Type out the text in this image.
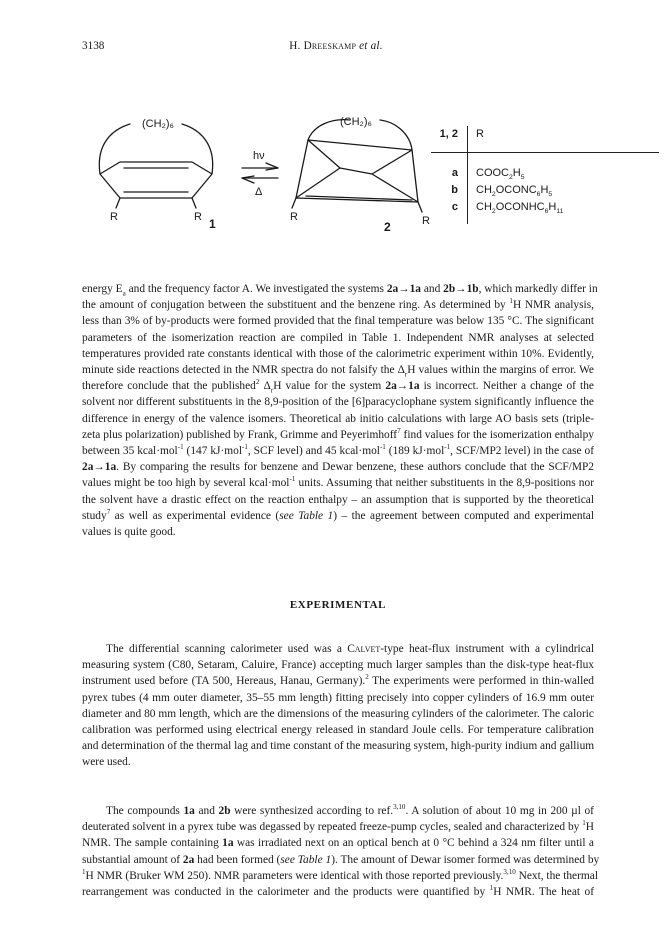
3138	H. Dreeskamp et al.
(CH₂)₆	(CH₂)₆
hν
Δ
R	R	R	R
1	2
1, 2 R
a $COOC_2H_5$
b $CH_2OCONC_6H_5$
c $CH_2OCONHC_6H_{11}$
energy $E_a$ and the frequency factor A. We investigated the systems 2a→1a and 2b→1b, which markedly differ in
the amount of conjugation between the substituent and the benzene ring. As determined by $^1$H NMR analysis,
less than 3% of by-products were formed provided that the final temperature was below 135 °C. The significant
parameters of the isomerization reaction are compiled in Table 1. Independent NMR analyses at selected
temperatures provided rate constants identical with those of the calorimetric experiment within 10%. Evidently,
minute side reactions detected in the NMR spectra do not falsify the $\Delta_rH$ values within the margins of error. We
therefore conclude that the published$^2$ $\Delta_rH$ value for the system 2a→1a is incorrect. Neither a change of the
solvent nor different substituents in the 8,9-position of the [6]paracyclophane system significantly influence the
difference in energy of the valence isomers. Theoretical ab initio calculations with large AO basis sets (triple-
zeta plus polarization) published by Frank, Grimme and Peyerimhoff$^7$ find values for the isomerization enthalpy
between 35 kcal·mol$^{-1}$ (147 kJ·mol$^{-1}$, SCF level) and 45 kcal·mol$^{-1}$ (189 kJ·mol$^{-1}$, SCF/MP2 level) in the case of
2a→1a. By comparing the results for benzene and Dewar benzene, these authors conclude that the SCF/MP2
values might be too high by several kcal·mol$^{-1}$ units. Assuming that neither substituents in the 8,9-positions nor
the solvent have a drastic effect on the reaction enthalpy – an assumption that is supported by the theoretical
study$^7$ as well as experimental evidence (see Table 1) – the agreement between computed and experimental
values is quite good.
EXPERIMENTAL
The differential scanning calorimeter used was a Calvet-type heat-flux instrument with a cylindrical
measuring system (C80, Setaram, Caluire, France) accepting much larger samples than the disk-type heat-flux
instrument used before (TA 500, Hereaus, Hanau, Germany).$^2$ The experiments were performed in thin-walled
pyrex tubes (4 mm outer diameter, 35–55 mm length) fitting precisely into copper cylinders of 16.9 mm outer
diameter and 80 mm length, which are the dimensions of the measuring cylinders of the calorimeter. The caloric
calibration was performed using electrical energy released in standard Joule cells. For temperature calibration
and determination of the thermal lag and time constant of the measuring system, high-purity indium and gallium
were used.
The compounds 1a and 2b were synthesized according to ref.$^{3,10}$. A solution of about 10 mg in 200 µl of
deuterated solvent in a pyrex tube was degassed by repeated freeze-pump cycles, sealed and characterized by $^1$H
NMR. The sample containing 1a was irradiated next on an optical bench at 0 °C behind a 324 nm filter until a
substantial amount of 2a had been formed (see Table 1). The amount of Dewar isomer formed was determined by
$^1$H NMR (Bruker WM 250). NMR parameters were identical with those reported previously.$^{3,10}$ Next, the thermal
rearrangement was conducted in the calorimeter and the products were quantified by $^1$H NMR. The heat of
